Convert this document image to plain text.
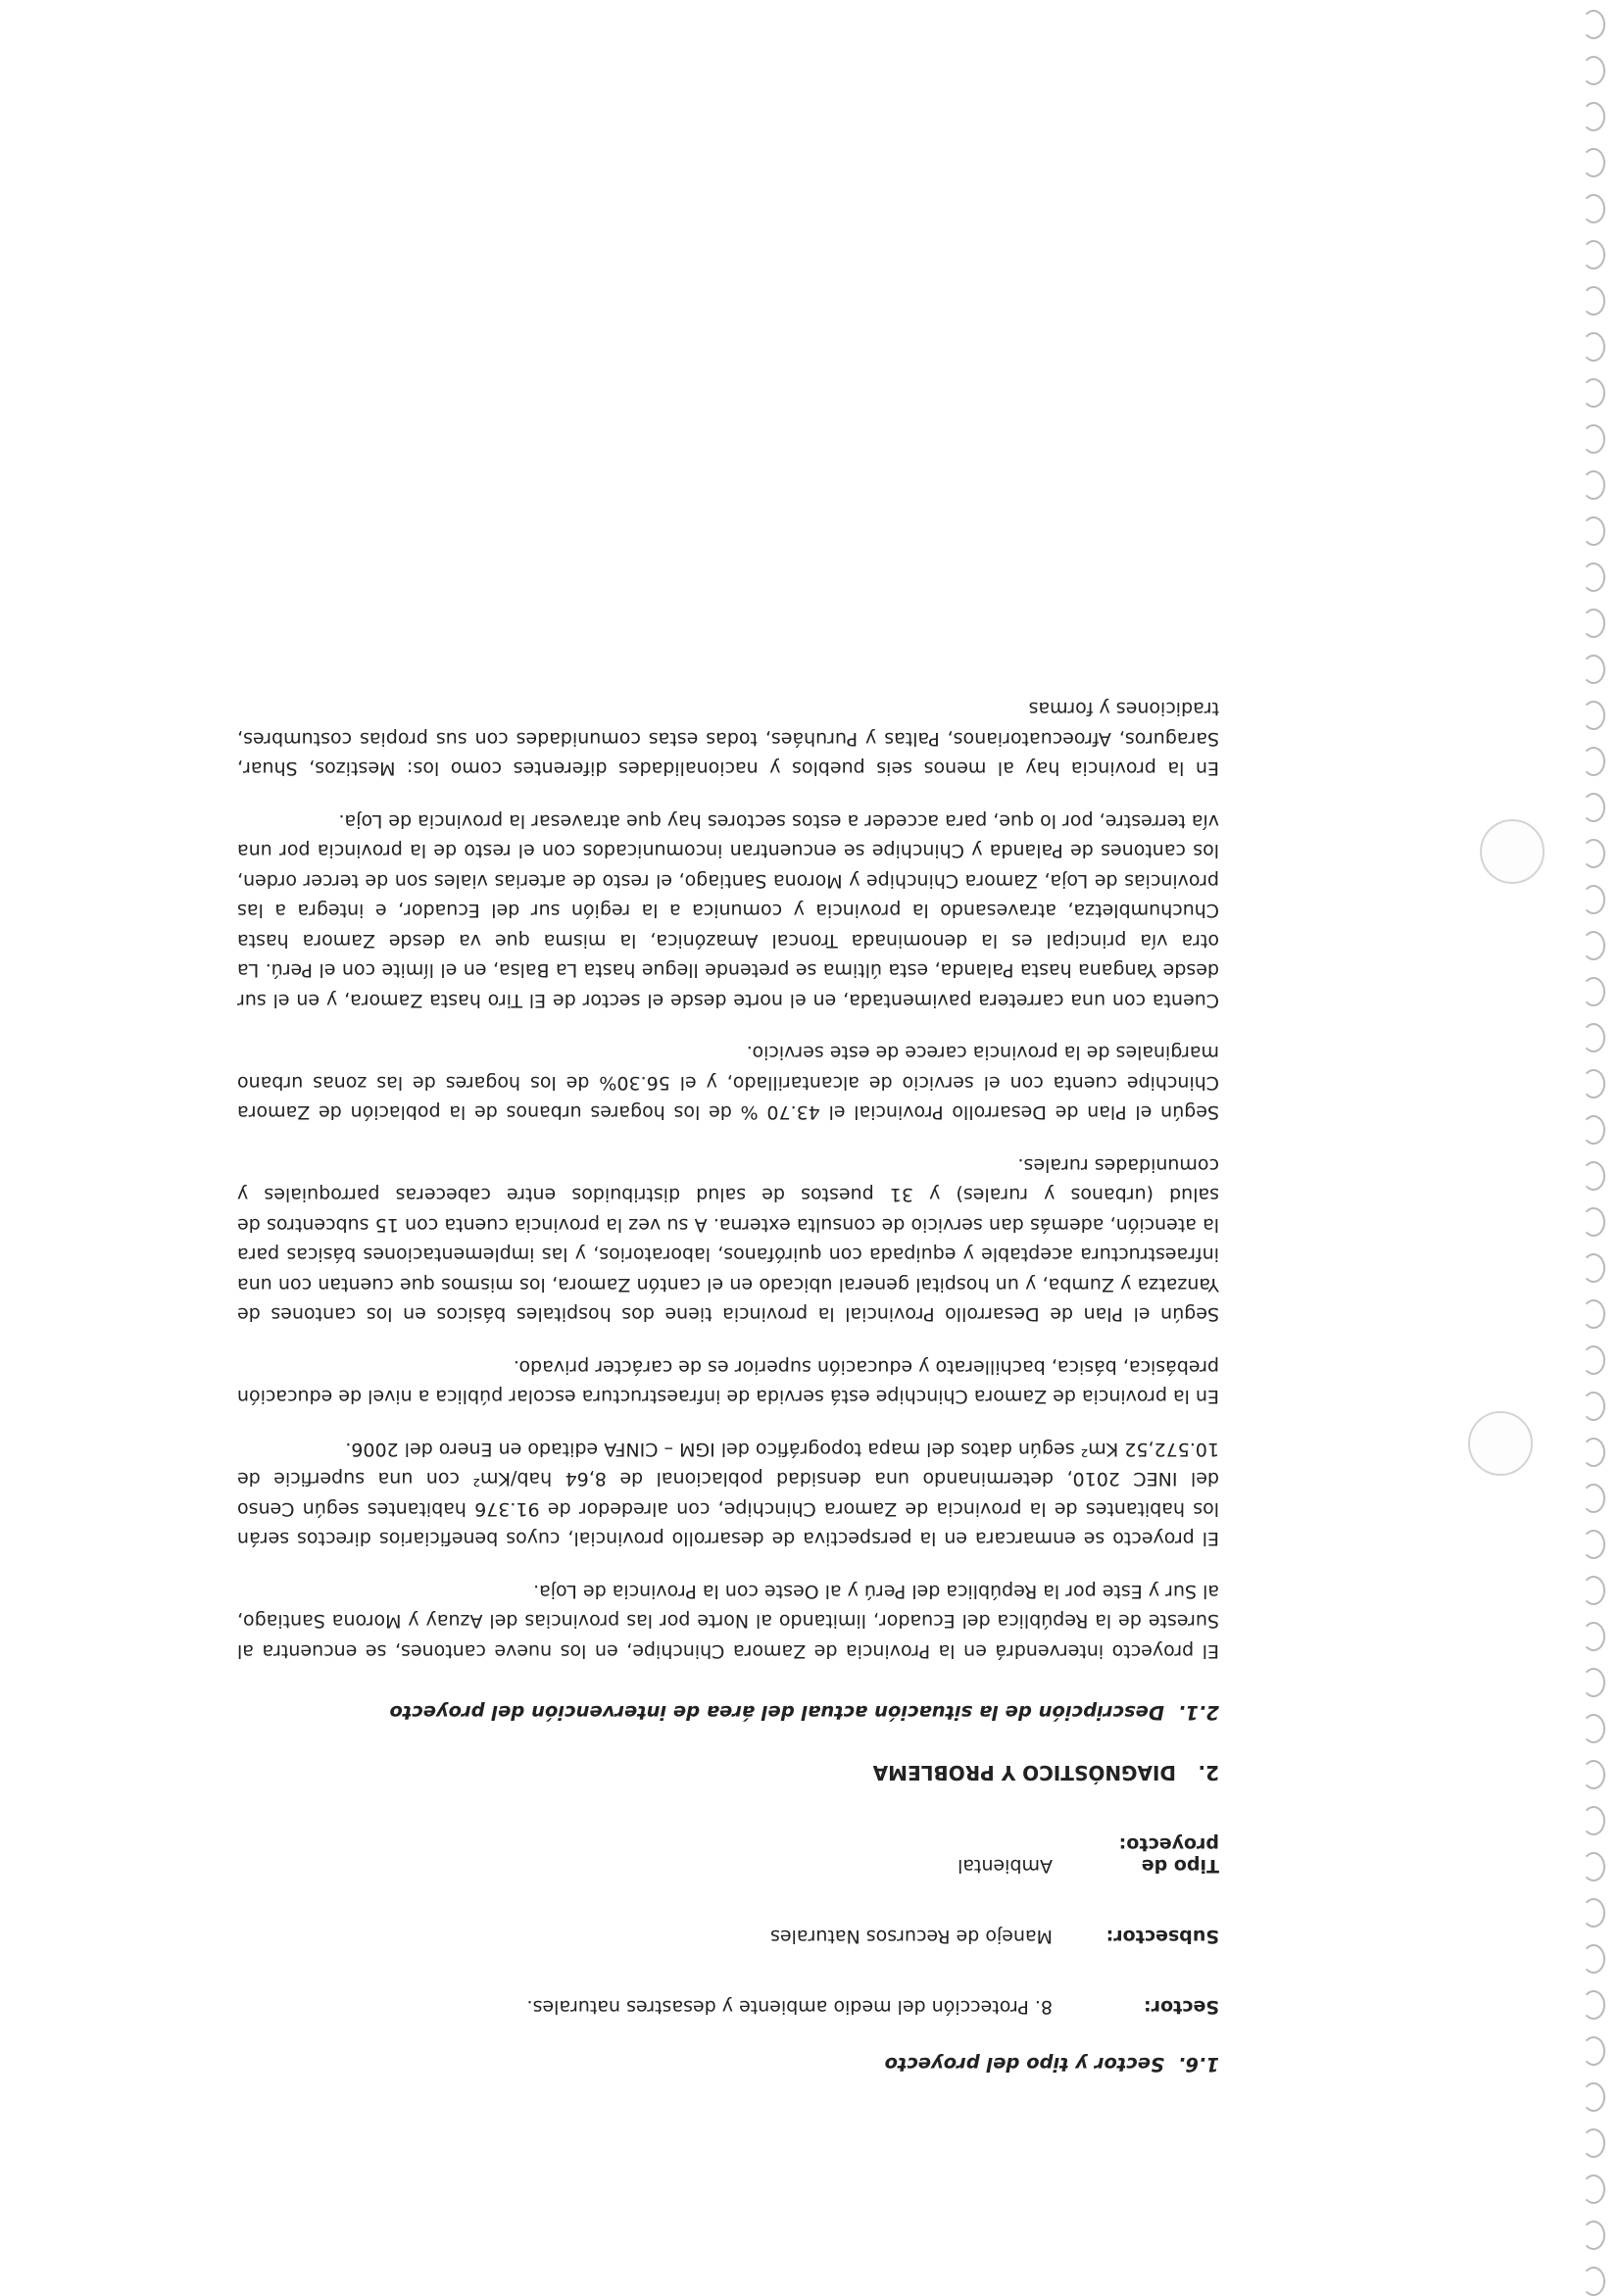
1.6.Sector y tipo del proyecto
Sector:
8. Protección del medio ambiente y desastres naturales.
Subsector:
Manejo de Recursos Naturales
Tipo de proyecto:
Ambiental
2.DIAGNÓSTICO Y PROBLEMA
2.1.Descripción de la situación actual del área de intervención del proyecto

El proyecto intervendrá en la Provincia de Zamora Chinchipe, en los nueve cantones, se encuentra al Sureste de la República del Ecuador, limitando al Norte por las provincias del Azuay y Morona Santiago, al Sur y Este por la República del Perú y al Oeste con la Provincia de Loja.

El proyecto se enmarcara en la perspectiva de desarrollo provincial, cuyos beneficiarios directos serán los habitantes de la provincia de Zamora Chinchipe, con alrededor de 91.376 habitantes según Censo del INEC 2010, determinando una densidad poblacional de 8,64 hab/Km² con una superficie de 10.572,52 Km² según datos del mapa topográfico del IGM – CINFA editado en Enero del 2006.

En la provincia de Zamora Chinchipe está servida de infraestructura escolar pública a nivel de educación prebásica, básica, bachillerato y educación superior es de carácter privado.

Según el Plan de Desarrollo Provincial la provincia tiene dos hospitales básicos en los cantones de Yanzatza y Zumba, y un hospital general ubicado en el cantón Zamora, los mismos que cuentan con una infraestructura aceptable y equipada con quirófanos, laboratorios, y las implementaciones básicas para la atención, además dan servicio de consulta externa. A su vez la provincia cuenta con 15 subcentros de salud (urbanos y rurales) y 31 puestos de salud distribuidos entre cabeceras parroquiales y comunidades rurales.

Según el Plan de Desarrollo Provincial el 43.70 % de los hogares urbanos de la población de Zamora Chinchipe cuenta con el servicio de alcantarillado, y el 56.30% de los hogares de las zonas urbano marginales de la provincia carece de este servicio.

Cuenta con una carretera pavimentada, en el norte desde el sector de El Tiro hasta Zamora, y en el sur desde Yangana hasta Palanda, esta última se pretende llegue hasta La Balsa, en el límite con el Perú. La otra vía principal es la denominada Troncal Amazónica, la misma que va desde Zamora hasta Chuchumbletza, atravesando la provincia y comunica a la región sur del Ecuador, e integra a las provincias de Loja, Zamora Chinchipe y Morona Santiago, el resto de arterias viales son de tercer orden, los cantones de Palanda y Chinchipe se encuentran incomunicados con el resto de la provincia por una vía terrestre, por lo que, para acceder a estos sectores hay que atravesar la provincia de Loja.

En la provincia hay al menos seis pueblos y nacionalidades diferentes como los: Mestizos, Shuar, Saraguros, Afroecuatorianos, Paltas y Puruháes, todas estas comunidades con sus propias costumbres, tradiciones y formas
